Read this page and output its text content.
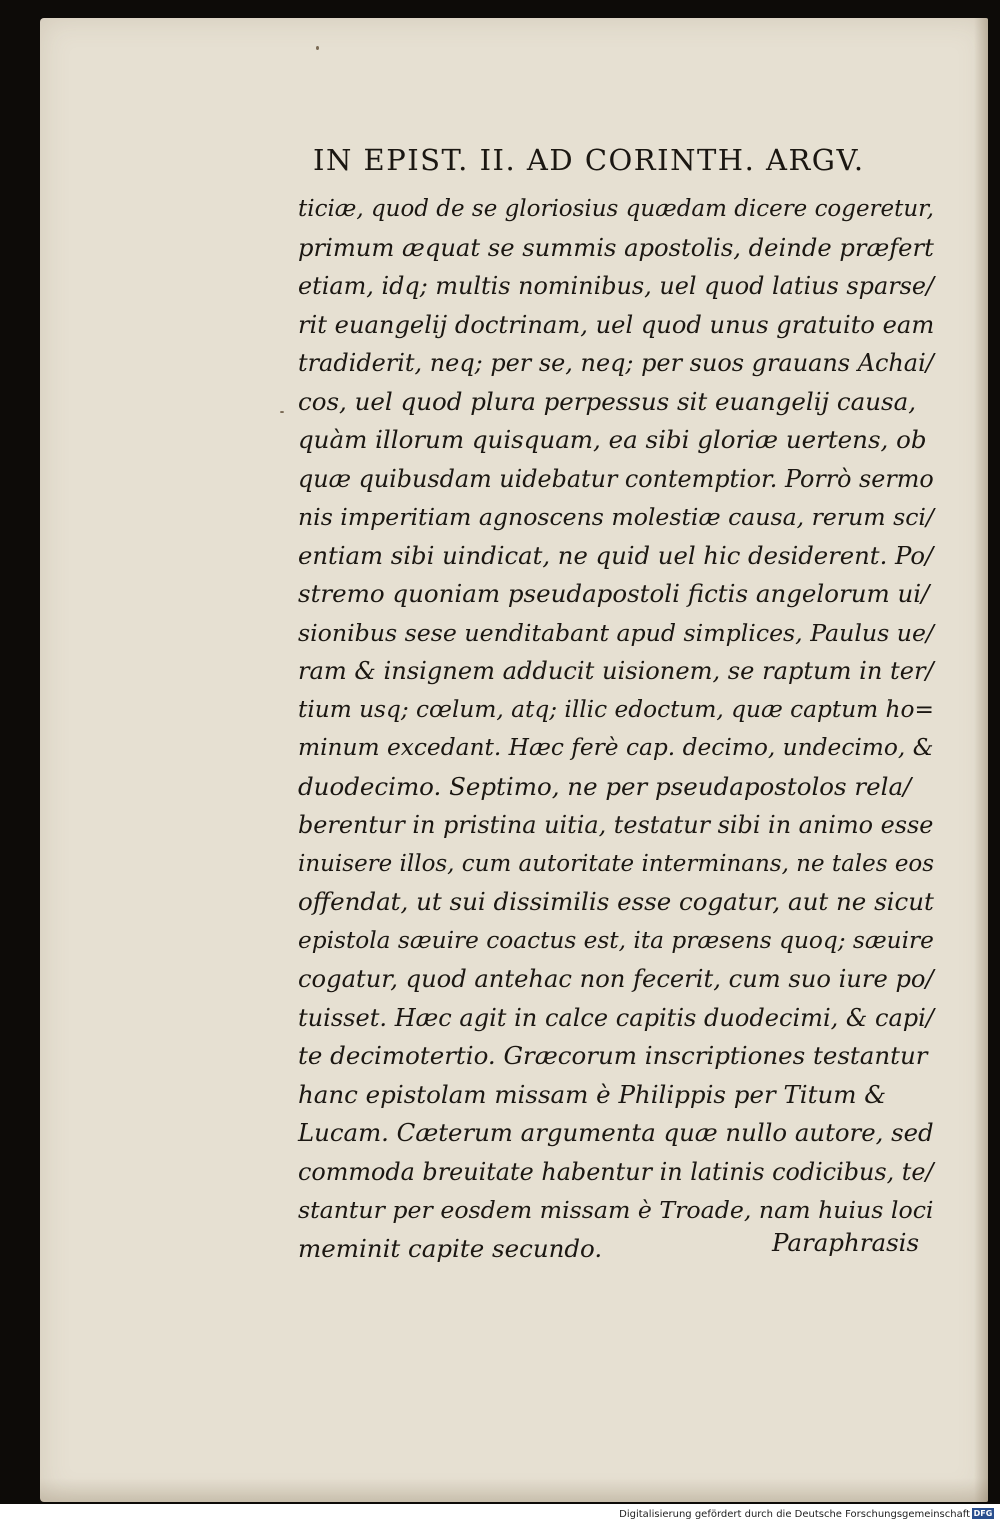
IN EPIST. II. AD CORINTH. ARGV.
ticiæ, quod de se gloriosius quædam dicere cogeretur,
primum æquat se summis apostolis, deinde præfert
etiam, idq; multis nominibus, uel quod latius sparse/
rit euangelij doctrinam, uel quod unus gratuito eam
tradiderit, neq; per se, neq; per suos grauans Achai/
cos, uel quod plura perpessus sit euangelij causa,
quàm illorum quisquam, ea sibi gloriæ uertens, ob
quæ quibusdam uidebatur contemptior. Porrò sermo
nis imperitiam agnoscens molestiæ causa, rerum sci/
entiam sibi uindicat, ne quid uel hic desiderent. Po/
stremo quoniam pseudapostoli fictis angelorum ui/
sionibus sese uenditabant apud simplices, Paulus ue/
ram & insignem adducit uisionem, se raptum in ter/
tium usq; cœlum, atq; illic edoctum, quæ captum ho=
minum excedant. Hæc ferè cap. decimo, undecimo, &
duodecimo. Septimo, ne per pseudapostolos rela/
berentur in pristina uitia, testatur sibi in animo esse
inuisere illos, cum autoritate interminans, ne tales eos
offendat, ut sui dissimilis esse cogatur, aut ne sicut
epistola sæuire coactus est, ita præsens quoq; sæuire
cogatur, quod antehac non fecerit, cum suo iure po/
tuisset. Hæc agit in calce capitis duodecimi, & capi/
te decimotertio. Græcorum inscriptiones testantur
hanc epistolam missam è Philippis per Titum &
Lucam. Cæterum argumenta quæ nullo autore, sed
commoda breuitate habentur in latinis codicibus, te/
stantur per eosdem missam è Troade, nam huius loci
meminit capite secundo.	Paraphrasis
Digitalisierung gefördert durch die Deutsche Forschungsgemeinschaft DFG
